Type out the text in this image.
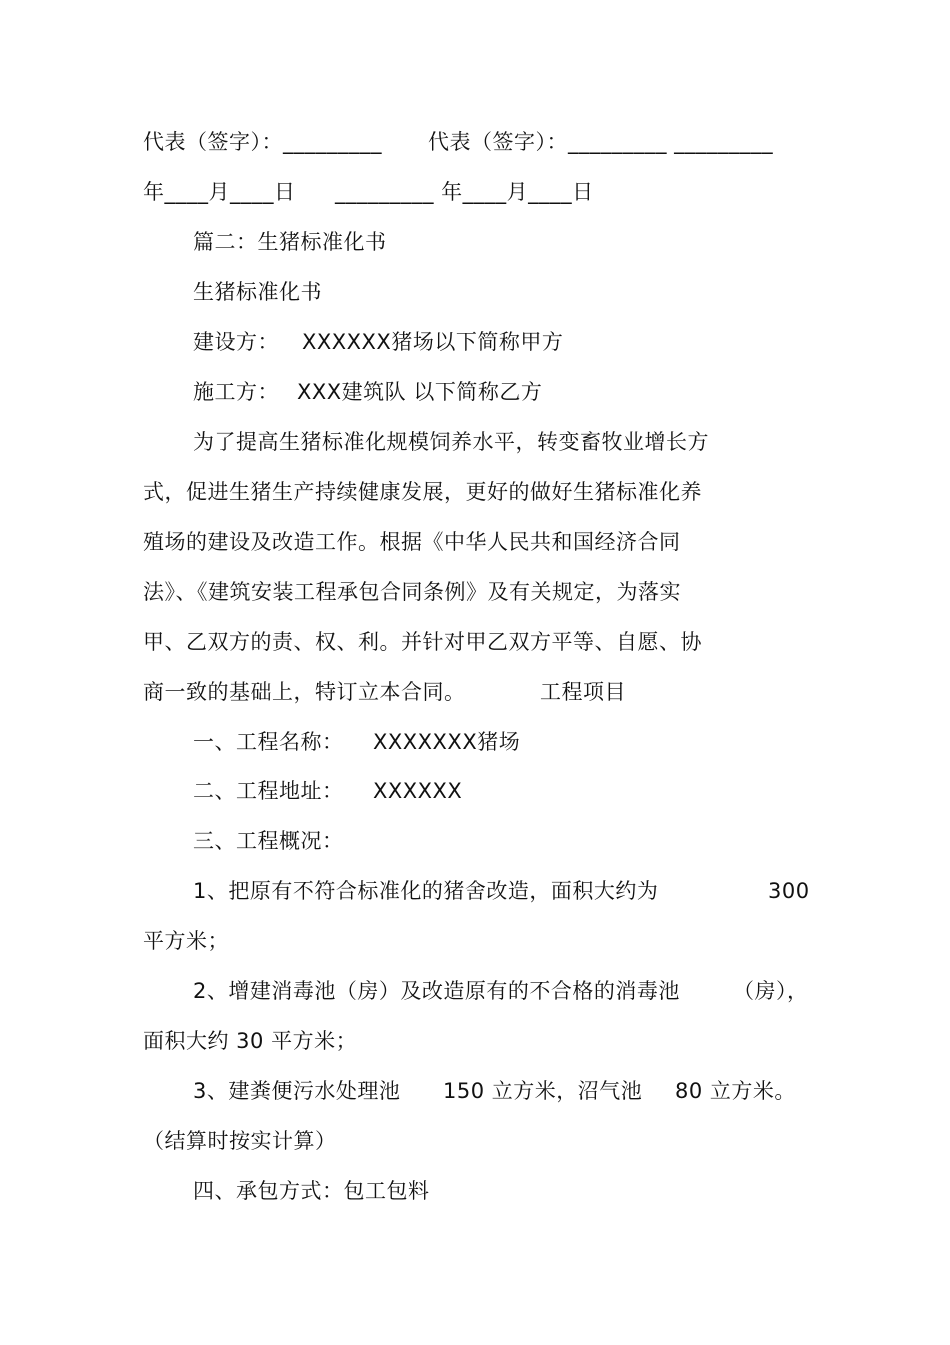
代表（签字）：_________ 代表（签字）：_________ _________
年____月____日 _________ 年____月____日
篇二：生猪标准化书
生猪标准化书
建设方： XXXXXX猪场以下简称甲方
施工方： XXX建筑队 以下简称乙方
为了提高生猪标准化规模饲养水平，转变畜牧业增长方
式，促进生猪生产持续健康发展，更好的做好生猪标准化养
殖场的建设及改造工作。根据《中华人民共和国经济合同
法》、《建筑安装工程承包合同条例》及有关规定，为落实
甲、乙双方的责、权、利。并针对甲乙双方平等、自愿、协
商一致的基础上，特订立本合同。	工程项目
一、工程名称： XXXXXXX猪场
二、工程地址： XXXXXX
三、工程概况：
1、把原有不符合标准化的猪舍改造，面积大约为	300
平方米；
2、增建消毒池（房）及改造原有的不合格的消毒池	（房），
面积大约 30 平方米；
3、建粪便污水处理池 150 立方米，沼气池 80 立方米。
（结算时按实计算）
四、承包方式：包工包料
